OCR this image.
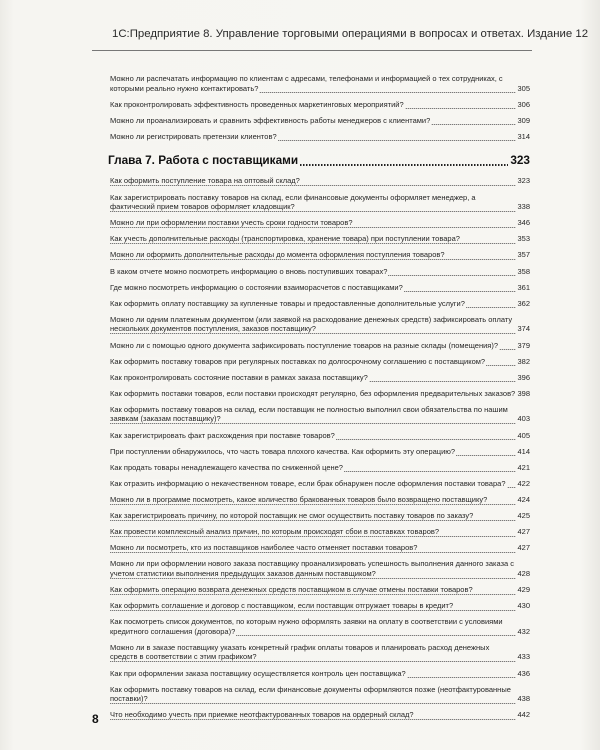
1С:Предприятие 8. Управление торговыми операциями в вопросах и ответах. Издание 12
Можно ли распечатать информацию по клиентам с адресами, телефонами и информацией о тех сотрудниках, с которыми реально нужно контактировать?	305
Как проконтролировать эффективность проведенных маркетинговых мероприятий?	306
Можно ли проанализировать и сравнить эффективность работы менеджеров с клиентами?	309
Можно ли регистрировать претензии клиентов?	314
Глава 7. Работа с поставщиками	323
Как оформить поступление товара на оптовый склад?	323
Как зарегистрировать поставку товаров на склад, если финансовые документы оформляет менеджер, а фактический прием товаров оформляет кладовщик?	338
Можно ли при оформлении поставки учесть сроки годности товаров?	346
Как учесть дополнительные расходы (транспортировка, хранение товара) при поступлении товара?	353
Можно ли оформить дополнительные расходы до момента оформления поступления товаров?	357
В каком отчете можно посмотреть информацию о вновь поступивших товарах?	358
Где можно посмотреть информацию о состоянии взаиморасчетов с поставщиками?	361
Как оформить оплату поставщику за купленные товары и предоставленные дополнительные услуги?	362
Можно ли одним платежным документом (или заявкой на расходование денежных средств) зафиксировать оплату нескольких документов поступления, заказов поставщику?	374
Можно ли с помощью одного документа зафиксировать поступление товаров на разные склады (помещения)?	379
Как оформить поставку товаров при регулярных поставках по долгосрочному соглашению с поставщиком?	382
Как проконтролировать состояние поставки в рамках заказа поставщику?	396
Как оформить поставки товаров, если поставки происходят регулярно, без оформления предварительных заказов? 398
Как оформить поставку товаров на склад, если поставщик не полностью выполнил свои обязательства по нашим заявкам (заказам поставщику)?	403
Как зарегистрировать факт расхождения при поставке товаров?	405
При поступлении обнаружилось, что часть товара плохого качества. Как оформить эту операцию?	414
Как продать товары ненадлежащего качества по сниженной цене?	421
Как отразить информацию о некачественном товаре, если брак обнаружен после оформления поставки товара?	422
Можно ли в программе посмотреть, какое количество бракованных товаров было возвращено поставщику?	424
Как зарегистрировать причину, по которой поставщик не смог осуществить поставку товаров по заказу?	425
Как провести комплексный анализ причин, по которым происходят сбои в поставках товаров?	427
Можно ли посмотреть, кто из поставщиков наиболее часто отменяет поставки товаров?	427
Можно ли при оформлении нового заказа поставщику проанализировать успешность выполнения данного заказа с учетом статистики выполнения предыдущих заказов данным поставщиком?	428
Как оформить операцию возврата денежных средств поставщиком в случае отмены поставки товаров?	429
Как оформить соглашение и договор с поставщиком, если поставщик отгружает товары в кредит?	430
Как посмотреть список документов, по которым нужно оформлять заявки на оплату в соответствии с условиями кредитного соглашения (договора)?	432
Можно ли в заказе поставщику указать конкретный график оплаты товаров и планировать расход денежных средств в соответствии с этим графиком?	433
Как при оформлении заказа поставщику осуществляется контроль цен поставщика?	436
Как оформить поставку товаров на склад, если финансовые документы оформляются позже (неотфактурованные поставки)?	438
Что необходимо учесть при приемке неотфактурованных товаров на ордерный склад?	442
8
